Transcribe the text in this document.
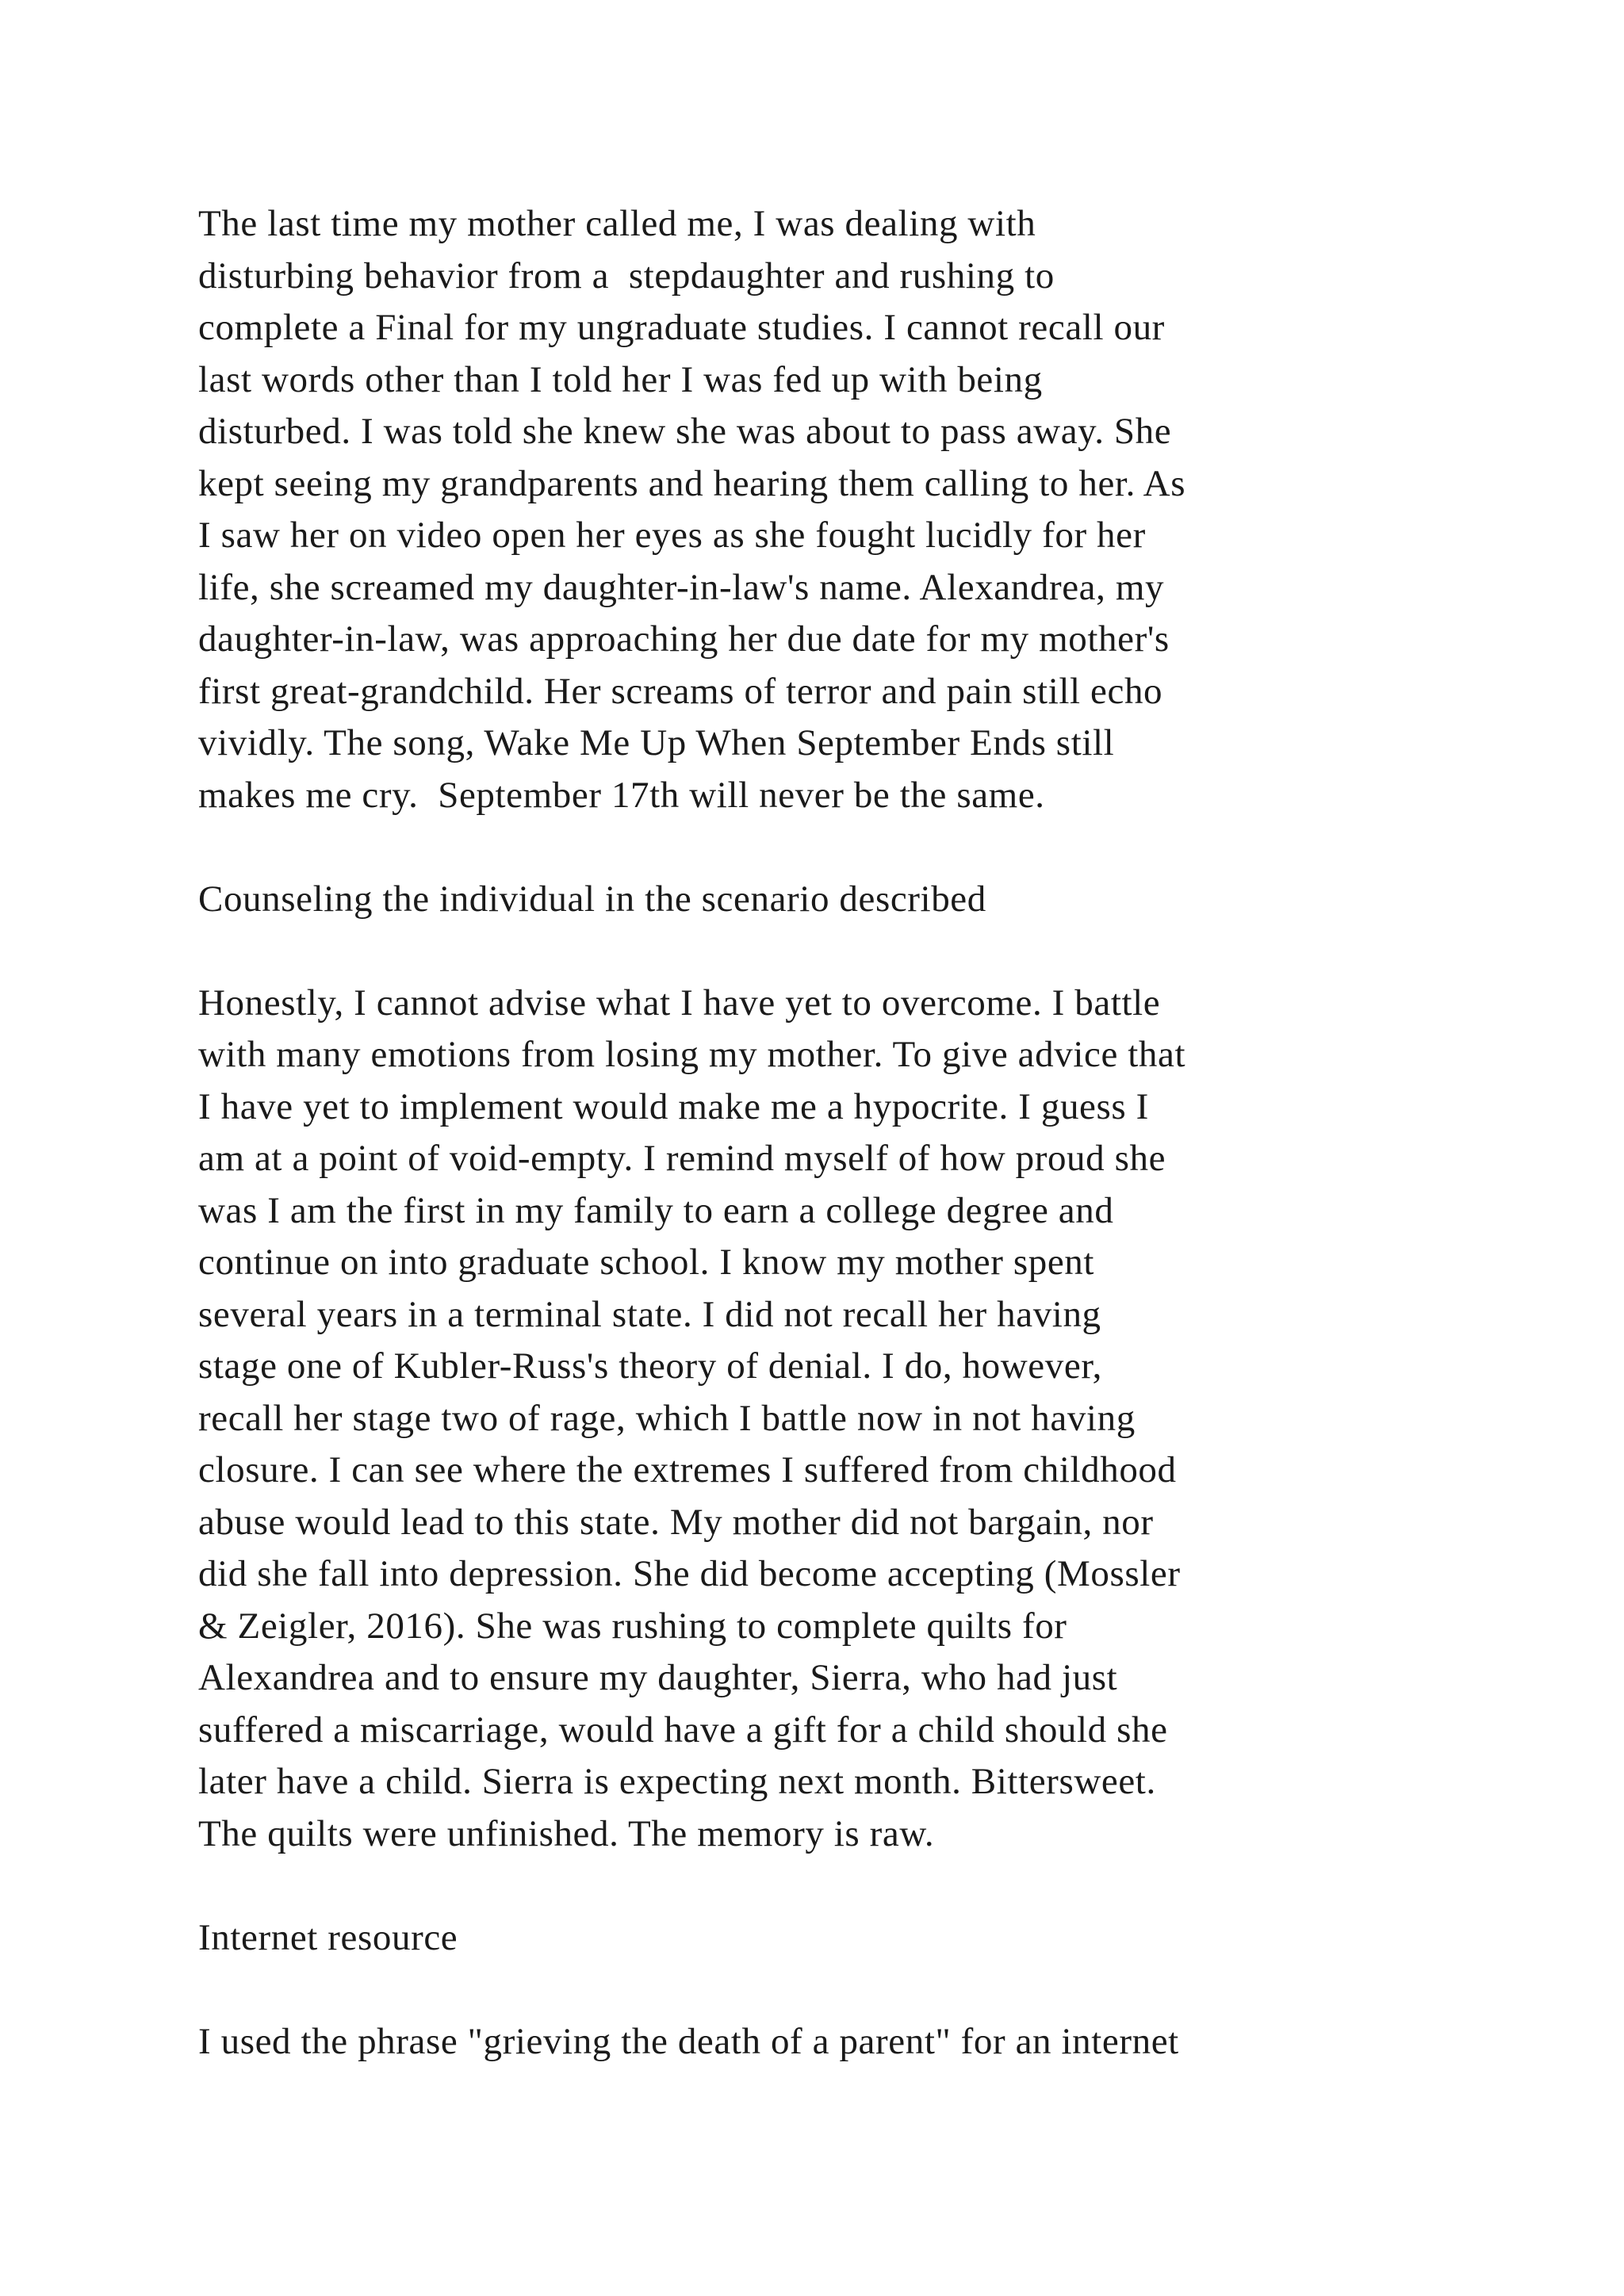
The last time my mother called me, I was dealing with
disturbing behavior from a  stepdaughter and rushing to
complete a Final for my ungraduate studies. I cannot recall our
last words other than I told her I was fed up with being
disturbed. I was told she knew she was about to pass away. She
kept seeing my grandparents and hearing them calling to her. As
I saw her on video open her eyes as she fought lucidly for her
life, she screamed my daughter-in-law's name. Alexandrea, my
daughter-in-law, was approaching her due date for my mother's
first great-grandchild. Her screams of terror and pain still echo
vividly. The song, Wake Me Up When September Ends still
makes me cry.  September 17th will never be the same.
Counseling the individual in the scenario described
Honestly, I cannot advise what I have yet to overcome. I battle
with many emotions from losing my mother. To give advice that
I have yet to implement would make me a hypocrite. I guess I
am at a point of void-empty. I remind myself of how proud she
was I am the first in my family to earn a college degree and
continue on into graduate school. I know my mother spent
several years in a terminal state. I did not recall her having
stage one of Kubler-Russ's theory of denial. I do, however,
recall her stage two of rage, which I battle now in not having
closure. I can see where the extremes I suffered from childhood
abuse would lead to this state. My mother did not bargain, nor
did she fall into depression. She did become accepting (Mossler
& Zeigler, 2016). She was rushing to complete quilts for
Alexandrea and to ensure my daughter, Sierra, who had just
suffered a miscarriage, would have a gift for a child should she
later have a child. Sierra is expecting next month. Bittersweet.
The quilts were unfinished. The memory is raw.
Internet resource
I used the phrase "grieving the death of a parent" for an internet
